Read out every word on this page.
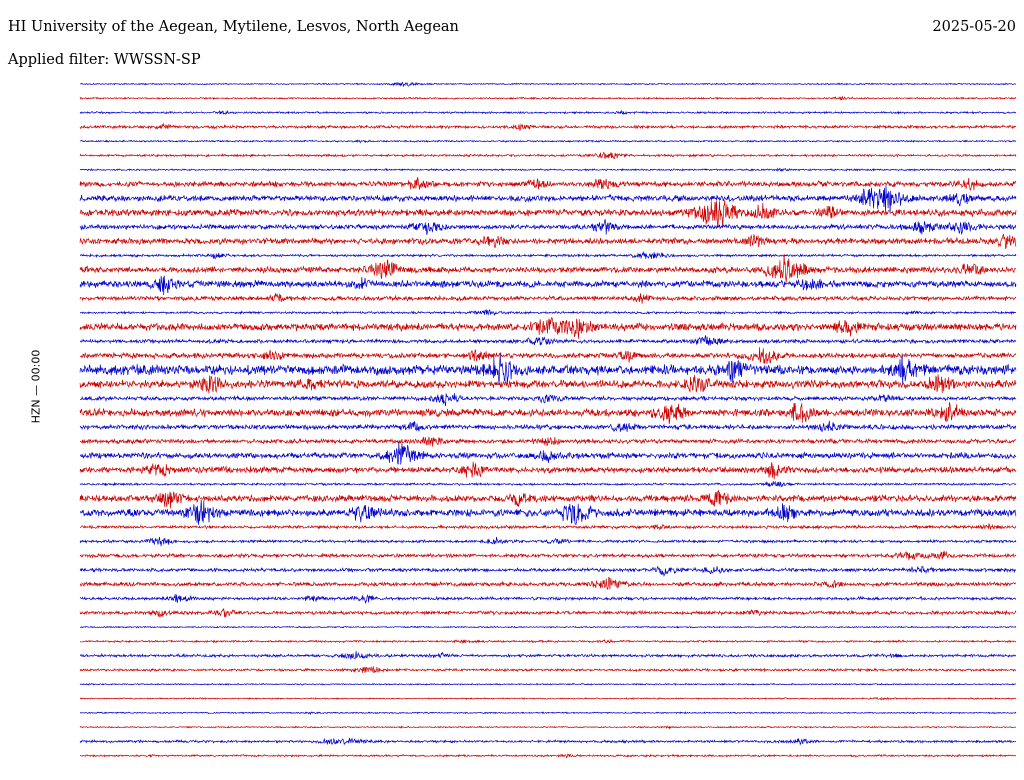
HI University of the Aegean, Mytilene, Lesvos, North Aegean	2025-05-20
Applied filter: WWSSN-SP
HZN — 00:00
